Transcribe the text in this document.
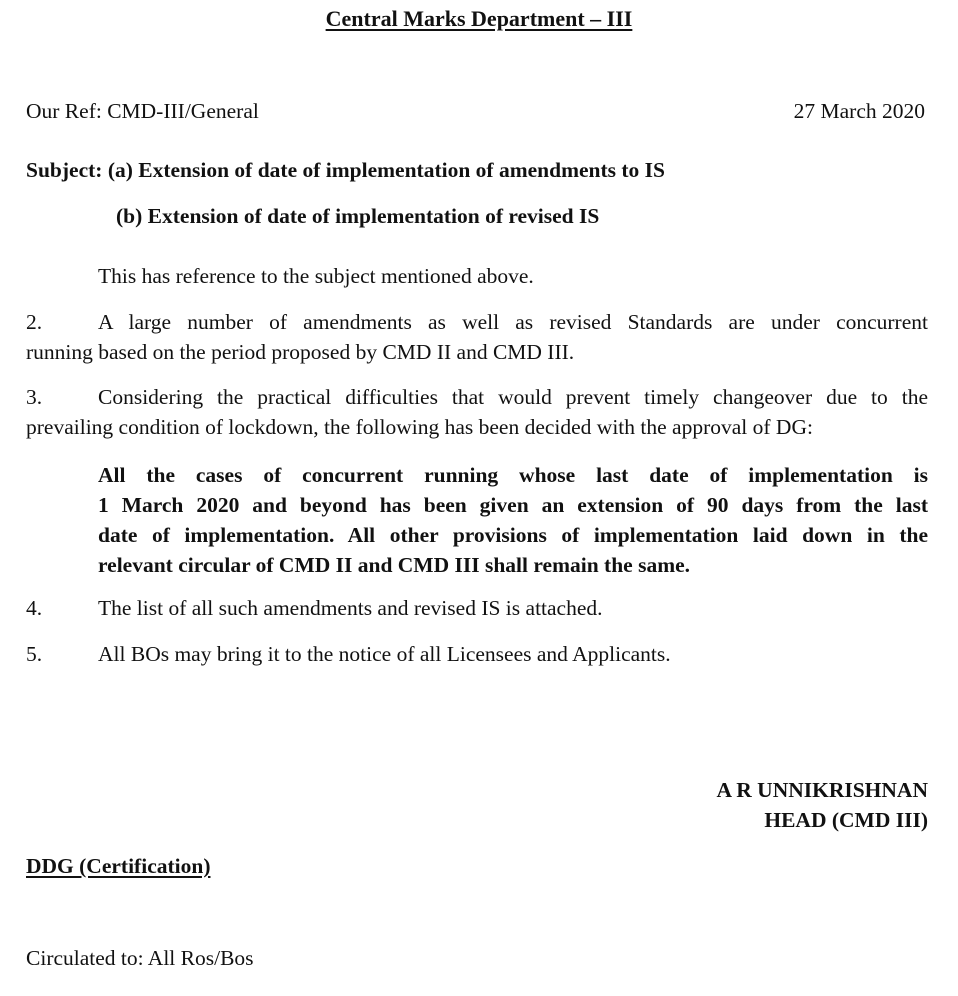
Central Marks Department – III
Our Ref: CMD-III/General	27 March 2020
Subject: (a) Extension of date of implementation of amendments to IS
(b) Extension of date of implementation of revised IS
This has reference to the subject mentioned above.
2.	A large number of amendments as well as revised Standards are under concurrent
running based on the period proposed by CMD II and CMD III.
3.	Considering the practical difficulties that would prevent timely changeover due to the
prevailing condition of lockdown, the following has been decided with the approval of DG:
All the cases of concurrent running whose last date of implementation is
1 March 2020 and beyond has been given an extension of 90 days from the last
date of implementation. All other provisions of implementation laid down in the
relevant circular of CMD II and CMD III shall remain the same.
4.	The list of all such amendments and revised IS is attached.
5.	All BOs may bring it to the notice of all Licensees and Applicants.
A R UNNIKRISHNAN
HEAD (CMD III)
DDG (Certification)
Circulated to: All Ros/Bos
